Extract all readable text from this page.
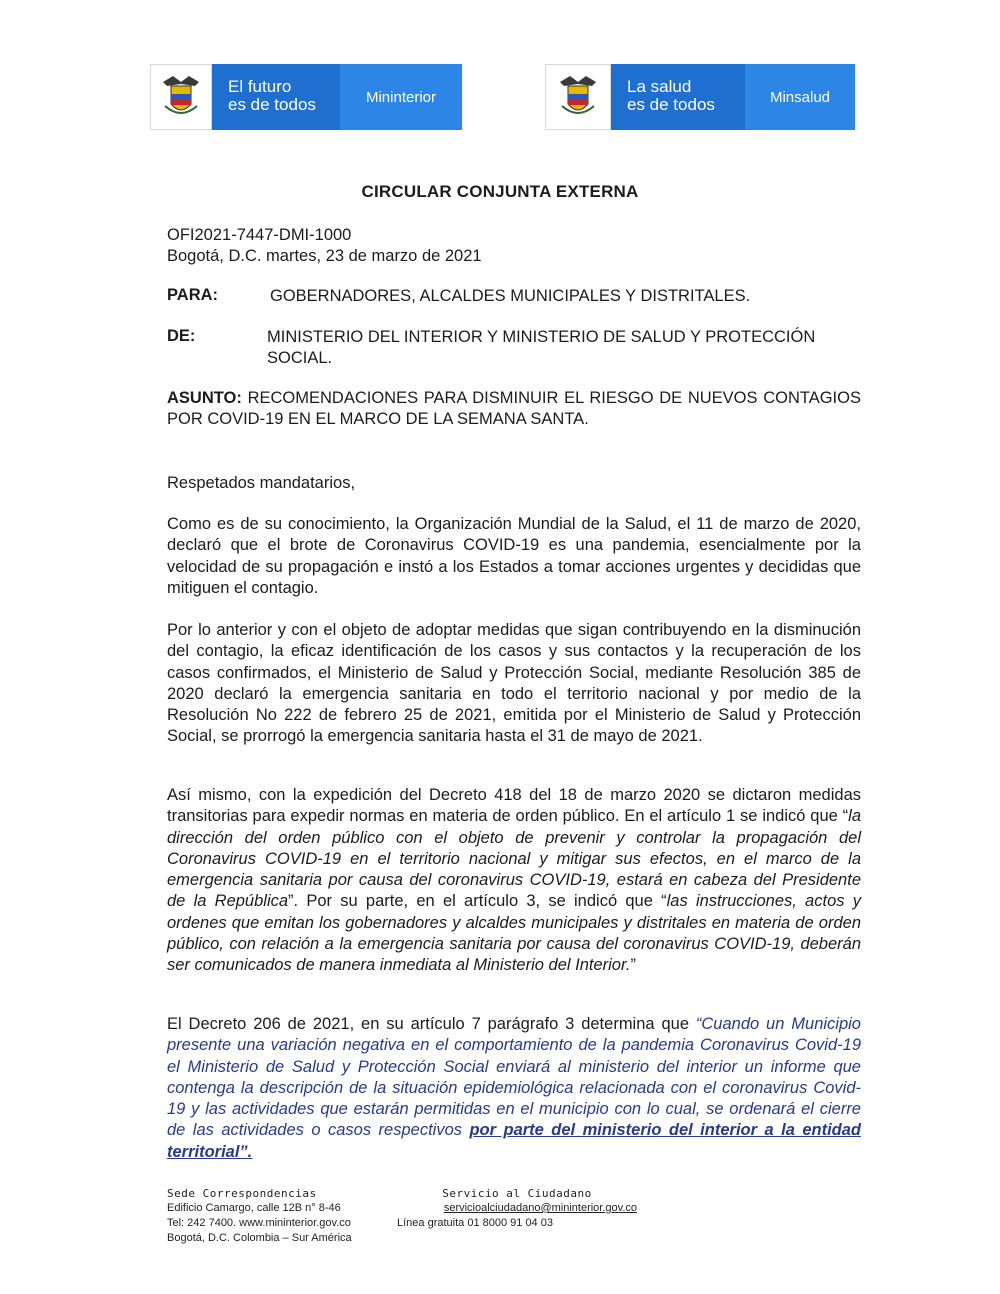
El futuro
es de todos	Mininterior
La salud
es de todos	Minsalud
CIRCULAR CONJUNTA EXTERNA
OFI2021-7447-DMI-1000
Bogotá, D.C. martes, 23 de marzo de 2021
PARA:	GOBERNADORES, ALCALDES MUNICIPALES Y DISTRITALES.
DE:	MINISTERIO DEL INTERIOR Y MINISTERIO DE SALUD Y PROTECCIÓN
SOCIAL.
ASUNTO: RECOMENDACIONES PARA DISMINUIR EL RIESGO DE NUEVOS CONTAGIOS POR COVID-19 EN EL MARCO DE LA SEMANA SANTA.
Respetados mandatarios,
Como es de su conocimiento, la Organización Mundial de la Salud, el 11 de marzo de 2020, declaró que el brote de Coronavirus COVID-19 es una pandemia, esencialmente por la velocidad de su propagación e instó a los Estados a tomar acciones urgentes y decididas que mitiguen el contagio.
Por lo anterior y con el objeto de adoptar medidas que sigan contribuyendo en la disminución del contagio, la eficaz identificación de los casos y sus contactos y la recuperación de los casos confirmados, el Ministerio de Salud y Protección Social, mediante Resolución 385 de 2020 declaró la emergencia sanitaria en todo el territorio nacional y por medio de la Resolución No 222 de febrero 25 de 2021, emitida por el Ministerio de Salud y Protección Social, se prorrogó la emergencia sanitaria hasta el 31 de mayo de 2021.
Así mismo, con la expedición del Decreto 418 del 18 de marzo 2020 se dictaron medidas transitorias para expedir normas en materia de orden público. En el artículo 1 se indicó que “la dirección del orden público con el objeto de prevenir y controlar la propagación del Coronavirus COVID-19 en el territorio nacional y mitigar sus efectos, en el marco de la emergencia sanitaria por causa del coronavirus COVID-19, estará en cabeza del Presidente de la República”. Por su parte, en el artículo 3, se indicó que “las instrucciones, actos y ordenes que emitan los gobernadores y alcaldes municipales y distritales en materia de orden público, con relación a la emergencia sanitaria por causa del coronavirus COVID-19, deberán ser comunicados de manera inmediata al Ministerio del Interior.”
El Decreto 206 de 2021, en su artículo 7 parágrafo 3 determina que “Cuando un Municipio presente una variación negativa en el comportamiento de la pandemia Coronavirus Covid-19 el Ministerio de Salud y Protección Social enviará al ministerio del interior un informe que contenga la descripción de la situación epidemiológica relacionada con el coronavirus Covid-19 y las actividades que estarán permitidas en el municipio con lo cual, se ordenará el cierre de las actividades o casos respectivos por parte del ministerio del interior a la entidad territorial”.
Sede Correspondencias
Edificio Camargo, calle 12B n° 8-46
Tel: 242 7400. www.mininterior.gov.co
Bogotá, D.C. Colombia – Sur América
Servicio al Ciudadano
servicioalciudadano@mininterior.gov.co
Línea gratuita 01 8000 91 04 03
